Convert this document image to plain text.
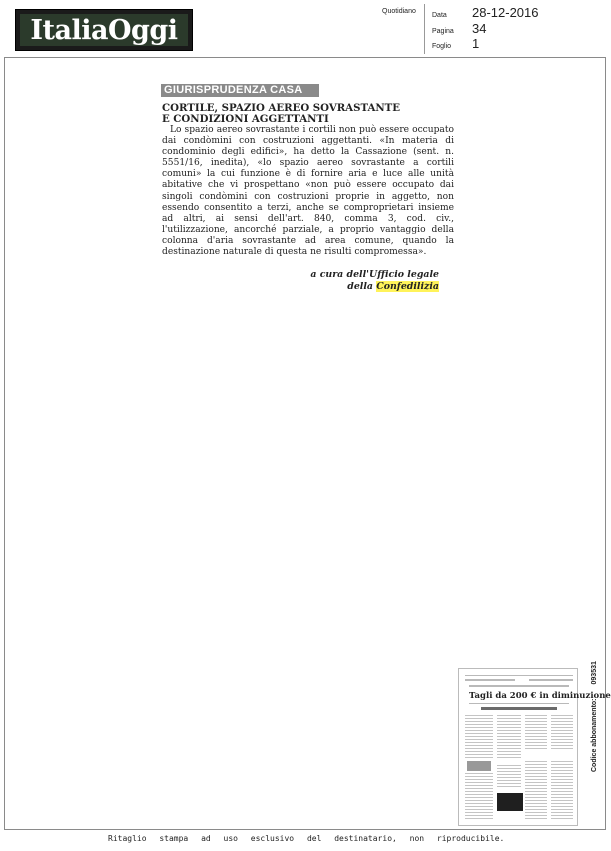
ItaliaOggi
Quotidiano
Data	28-12-2016
Pagina	34
Foglio	1
GIURISPRUDENZA CASA
CORTILE, SPAZIO AEREO SOVRASTANTE
E CONDIZIONI AGGETTANTI
Lo spazio aereo sovrastante i cortili non può essere occupato dai condòmini con costruzioni aggettanti. «In materia di condominio degli edifici», ha detto la Cassazione (sent. n. 5551/16, inedita), «lo spazio aereo sovrastante a cortili comuni» la cui funzione è di fornire aria e luce alle unità abitative che vi prospettano «non può essere occupato dai singoli condòmini con costruzioni proprie in aggetto, non essendo consentito a terzi, anche se comproprietari insieme ad altri, ai sensi dell'art. 840, comma 3, cod. civ., l'utilizzazione, ancorché parziale, a proprio vantaggio della colonna d'aria sovrastante ad area comune, quando la destinazione naturale di questa ne risulti compromessa».
a cura dell'Ufficio legale
della Confedilizia
Tagli da 200 € in diminuzione
Ritaglio stampa ad uso esclusivo del destinatario, non riproducibile.
Codice abbonamento:
093531
